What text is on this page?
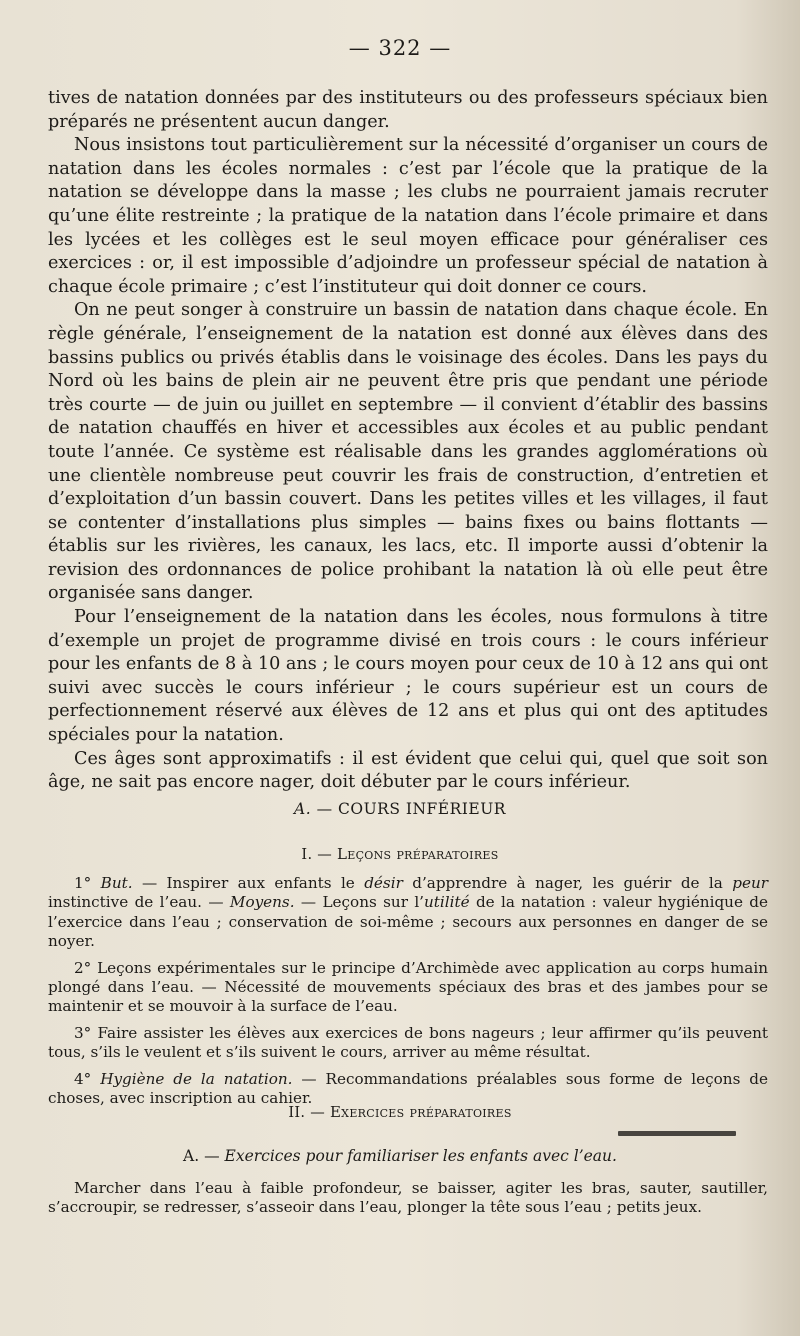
— 322 —

tives de natation données par des instituteurs ou des professeurs spéciaux bien préparés ne présentent aucun danger.

Nous insistons tout particulièrement sur la nécessité d’organiser un cours de natation dans les écoles normales : c’est par l’école que la pratique de la natation se développe dans la masse ; les clubs ne pourraient jamais recruter qu’une élite restreinte ; la pratique de la natation dans l’école primaire et dans les lycées et les collèges est le seul moyen efficace pour généraliser ces exercices : or, il est impossible d’adjoindre un professeur spécial de natation à chaque école primaire ; c’est l’instituteur qui doit donner ce cours.

On ne peut songer à construire un bassin de natation dans chaque école. En règle générale, l’enseignement de la natation est donné aux élèves dans des bassins publics ou privés établis dans le voisinage des écoles. Dans les pays du Nord où les bains de plein air ne peuvent être pris que pendant une période très courte — de juin ou juillet en septembre — il convient d’établir des bassins de natation chauffés en hiver et accessibles aux écoles et au public pendant toute l’année. Ce système est réalisable dans les grandes agglomérations où une clientèle nombreuse peut couvrir les frais de construction, d’entretien et d’exploitation d’un bassin couvert. Dans les petites villes et les villages, il faut se contenter d’installations plus simples — bains fixes ou bains flottants — établis sur les rivières, les canaux, les lacs, etc. Il importe aussi d’obtenir la revision des ordonnances de police prohibant la natation là où elle peut être organisée sans danger.

Pour l’enseignement de la natation dans les écoles, nous formulons à titre d’exemple un projet de programme divisé en trois cours : le cours inférieur pour les enfants de 8 à 10 ans ; le cours moyen pour ceux de 10 à 12 ans qui ont suivi avec succès le cours inférieur ; le cours supérieur est un cours de perfectionnement réservé aux élèves de 12 ans et plus qui ont des aptitudes spéciales pour la natation.

Ces âges sont approximatifs : il est évident que celui qui, quel que soit son âge, ne sait pas encore nager, doit débuter par le cours inférieur.

A. — COURS INFÉRIEUR
I. — Leçons préparatoires

1° But. — Inspirer aux enfants le désir d’apprendre à nager, les guérir de la peur instinctive de l’eau. — Moyens. — Leçons sur l’utilité de la natation : valeur hygiénique de l’exercice dans l’eau ; conservation de soi-même ; secours aux personnes en danger de se noyer.

2° Leçons expérimentales sur le principe d’Archimède avec application au corps humain plongé dans l’eau. — Nécessité de mouvements spéciaux des bras et des jambes pour se maintenir et se mouvoir à la surface de l’eau.

3° Faire assister les élèves aux exercices de bons nageurs ; leur affirmer qu’ils peuvent tous, s’ils le veulent et s’ils suivent le cours, arriver au même résultat.

4° Hygiène de la natation. — Recommandations préalables sous forme de leçons de choses, avec inscription au cahier.

II. — Exercices préparatoires
A. — Exercices pour familiariser les enfants avec l’eau.

Marcher dans l’eau à faible profondeur, se baisser, agiter les bras, sauter, sautiller, s’accroupir, se redresser, s’asseoir dans l’eau, plonger la tête sous l’eau ; petits jeux.
